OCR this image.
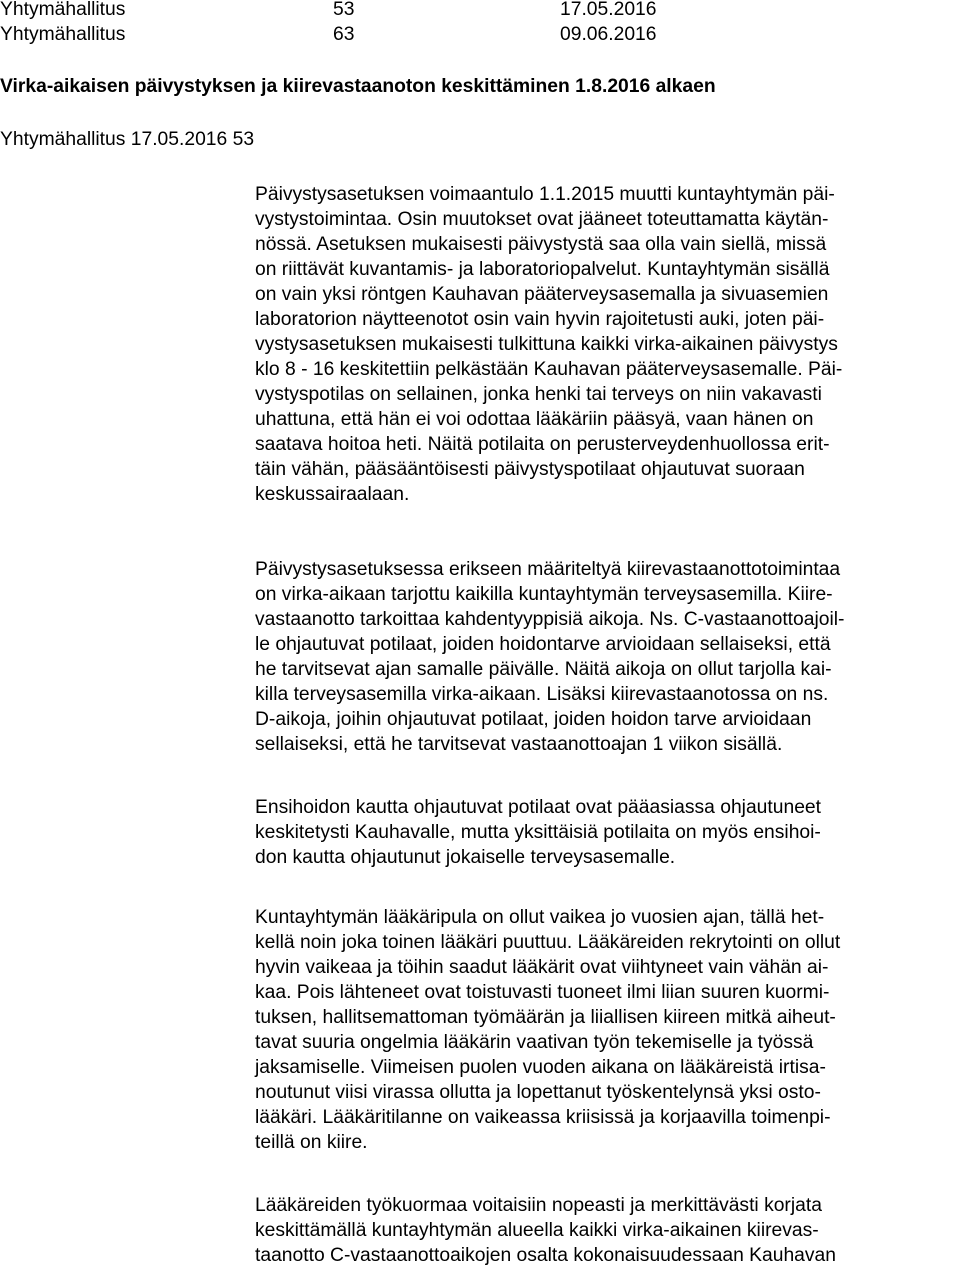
Yhtymähallitus	53	17.05.2016

Yhtymähallitus	63	09.06.2016

Virka-aikaisen päivystyksen ja kiirevastaanoton keskittäminen 1.8.2016 alkaen

Yhtymähallitus 17.05.2016 53

Päivystysasetuksen voimaantulo 1.1.2015 muutti kuntayhtymän päi-

vystystoimintaa. Osin muutokset ovat jääneet toteuttamatta käytän-

nössä. Asetuksen mukaisesti päivystystä saa olla vain siellä, missä

on riittävät kuvantamis- ja laboratoriopalvelut. Kuntayhtymän sisällä

on vain yksi röntgen Kauhavan pääterveysasemalla ja sivuasemien

laboratorion näytteenotot osin vain hyvin rajoitetusti auki, joten päi-

vystysasetuksen mukaisesti tulkittuna kaikki virka-aikainen päivystys

klo 8 - 16 keskitettiin pelkästään Kauhavan pääterveysasemalle. Päi-

vystyspotilas on sellainen, jonka henki tai terveys on niin vakavasti

uhattuna, että hän ei voi odottaa lääkäriin pääsyä, vaan hänen on

saatava hoitoa heti. Näitä potilaita on perusterveydenhuollossa erit-

täin vähän, pääsääntöisesti päivystyspotilaat ohjautuvat suoraan

keskussairaalaan.

Päivystysasetuksessa erikseen määriteltyä kiirevastaanottotoimintaa

on virka-aikaan tarjottu kaikilla kuntayhtymän terveysasemilla. Kiire-

vastaanotto tarkoittaa kahdentyyppisiä aikoja. Ns. C-vastaanottoajoil-

le ohjautuvat potilaat, joiden hoidontarve arvioidaan sellaiseksi, että

he tarvitsevat ajan samalle päivälle. Näitä aikoja on ollut tarjolla kai-

killa terveysasemilla virka-aikaan. Lisäksi kiirevastaanotossa on ns.

D-aikoja, joihin ohjautuvat potilaat, joiden hoidon tarve arvioidaan

sellaiseksi, että he tarvitsevat vastaanottoajan 1 viikon sisällä.

Ensihoidon kautta ohjautuvat potilaat ovat pääasiassa ohjautuneet

keskitetysti Kauhavalle, mutta yksittäisiä potilaita on myös ensihoi-

don kautta ohjautunut jokaiselle terveysasemalle.

Kuntayhtymän lääkäripula on ollut vaikea jo vuosien ajan, tällä het-

kellä noin joka toinen lääkäri puuttuu. Lääkäreiden rekrytointi on ollut

hyvin vaikeaa ja töihin saadut lääkärit ovat viihtyneet vain vähän ai-

kaa. Pois lähteneet ovat toistuvasti tuoneet ilmi liian suuren kuormi-

tuksen, hallitsemattoman työmäärän ja liiallisen kiireen mitkä aiheut-

tavat suuria ongelmia lääkärin vaativan työn tekemiselle ja työssä

jaksamiselle. Viimeisen puolen vuoden aikana on lääkäreistä irtisa-

noutunut viisi virassa ollutta ja lopettanut työskentelynsä yksi osto-

lääkäri. Lääkäritilanne on vaikeassa kriisissä ja korjaavilla toimenpi-

teillä on kiire.

Lääkäreiden työkuormaa voitaisiin nopeasti ja merkittävästi korjata

keskittämällä kuntayhtymän alueella kaikki virka-aikainen kiirevas-

taanotto C-vastaanottoaikojen osalta kokonaisuudessaan Kauhavan
